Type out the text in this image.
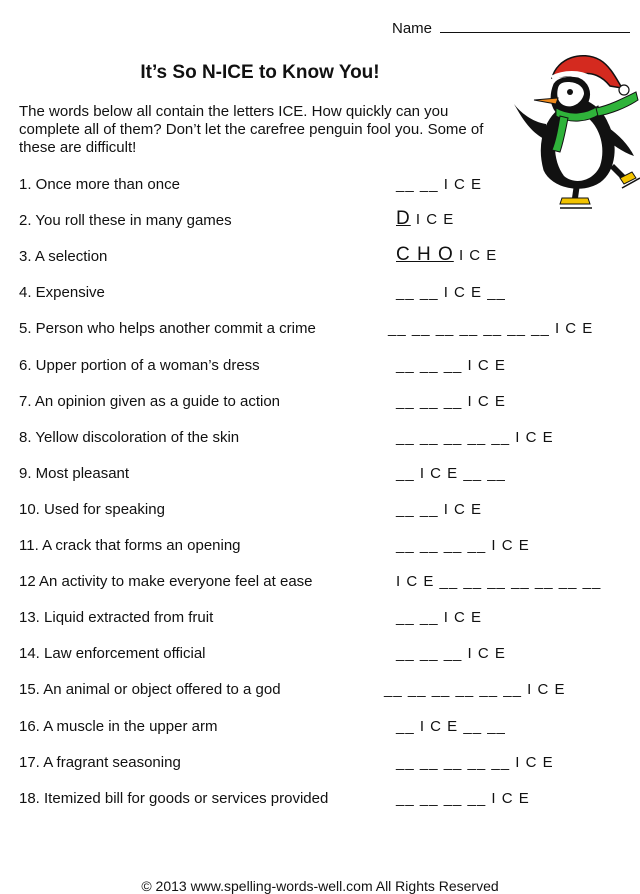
Name
It’s So N-ICE to Know You!
The words below all contain the letters ICE. How quickly can you complete all of them? Don’t let the carefree penguin fool you. Some of these are difficult!
1. Once more than once	__ __ I C E
2. You roll these in many games	D I C E
3. A selection	C H O I C E
4. Expensive	__ __ I C E __
5. Person who helps another commit a crime	__ __ __ __ __ __ __ I C E
6. Upper portion of a woman’s dress	__ __ __ I C E
7. An opinion given as a guide to action	__ __ __ I C E
8. Yellow discoloration of the skin	__ __ __ __ __ I C E
9. Most pleasant	__ I C E __ __
10. Used for speaking	__ __ I C E
11. A crack that forms an opening	__ __ __ __ I C E
12 An activity to make everyone feel at ease	I C E __ __ __ __ __ __ __
13. Liquid extracted from fruit	__ __ I C E
14. Law enforcement official	__ __ __ I C E
15. An animal or object offered to a god	__ __ __ __ __ __ I C E
16. A muscle in the upper arm	__ I C E __ __
17. A fragrant seasoning	__ __ __ __ __ I C E
18. Itemized bill for goods or services provided	__ __ __ __ I C E
© 2013 www.spelling-words-well.com All Rights Reserved
